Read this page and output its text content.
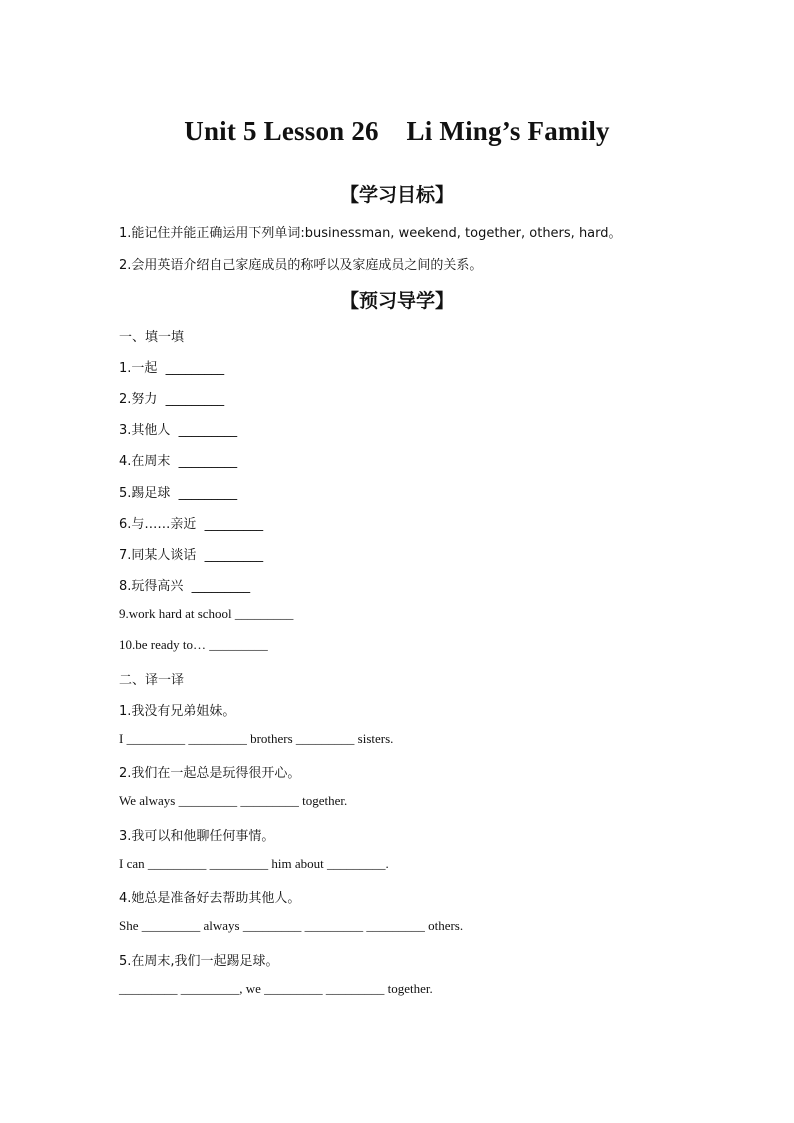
Unit 5 Lesson 26    Li Ming’s Family
【学习目标】
1.能记住并能正确运用下列单词:businessman, weekend, together, others, hard。
2.会用英语介绍自己家庭成员的称呼以及家庭成员之间的关系。
【预习导学】
一、填一填
1.一起  _________
2.努力  _________
3.其他人  _________
4.在周末  _________
5.踢足球  _________
6.与……亲近  _________
7.同某人谈话  _________
8.玩得高兴  _________
9.work hard at school _________
10.be ready to… _________
二、译一译
1.我没有兄弟姐妹。
I _________ _________ brothers _________ sisters.
2.我们在一起总是玩得很开心。
We always _________ _________ together.
3.我可以和他聊任何事情。
I can _________ _________ him about _________.
4.她总是准备好去帮助其他人。
She _________ always _________ _________ _________ others.
5.在周末,我们一起踢足球。
_________ _________, we _________ _________ together.
